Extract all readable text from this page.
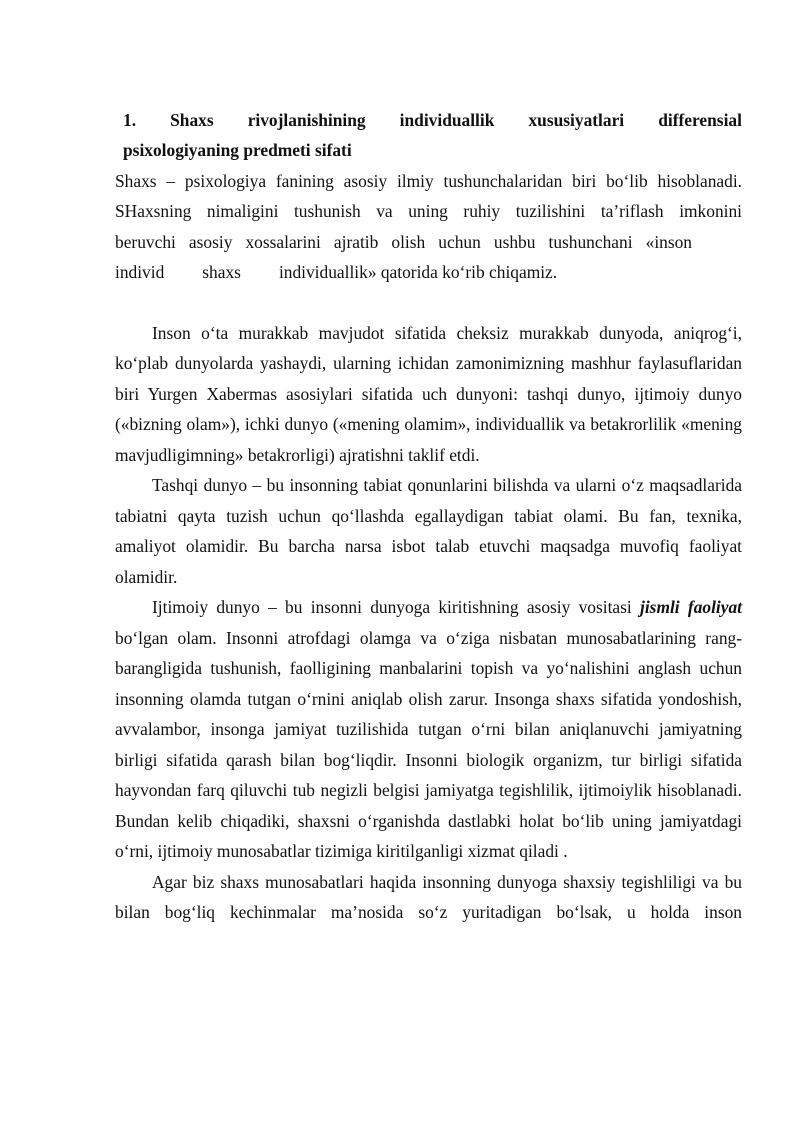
1. Shaxs rivojlanishining individuallik xususiyatlari differensial
psixologiyaning predmeti sifati
Shaxs – psixologiya fanining asosiy ilmiy tushunchalaridan biri bo‘lib hisoblanadi.
SHaxsning nimaligini tushunish va uning ruhiy tuzilishini ta’riflash imkonini
beruvchi asosiy xossalarini ajratib olish uchun ushbu tushunchani «inson
individ shaxs individuallik» qatorida ko‘rib chiqamiz.

Inson o‘ta murakkab mavjudot sifatida cheksiz murakkab dunyoda, aniqrog‘i, ko‘plab dunyolarda yashaydi, ularning ichidan zamonimizning mashhur faylasuflaridan biri Yurgen Xabermas asosiylari sifatida uch dunyoni: tashqi dunyo, ijtimoiy dunyo («bizning olam»), ichki dunyo («mening olamim», individuallik va betakrorlilik «mening mavjudligimning» betakrorligi) ajratishni taklif etdi.

Tashqi dunyo – bu insonning tabiat qonunlarini bilishda va ularni o‘z maqsadlarida tabiatni qayta tuzish uchun qo‘llashda egallaydigan tabiat olami. Bu fan, texnika, amaliyot olamidir. Bu barcha narsa isbot talab etuvchi maqsadga muvofiq faoliyat olamidir.

Ijtimoiy dunyo – bu insonni dunyoga kiritishning asosiy vositasi jismli faoliyat bo‘lgan olam. Insonni atrofdagi olamga va o‘ziga nisbatan munosabatlarining rang-barangligida tushunish, faolligining manbalarini topish va yo‘nalishini anglash uchun insonning olamda tutgan o‘rnini aniqlab olish zarur. Insonga shaxs sifatida yondoshish, avvalambor, insonga jamiyat tuzilishida tutgan o‘rni bilan aniqlanuvchi jamiyatning birligi sifatida qarash bilan bog‘liqdir. Insonni biologik organizm, tur birligi sifatida hayvondan farq qiluvchi tub negizli belgisi jamiyatga tegishlilik, ijtimoiylik hisoblanadi. Bundan kelib chiqadiki, shaxsni o‘rganishda dastlabki holat bo‘lib uning jamiyatdagi o‘rni, ijtimoiy munosabatlar tizimiga kiritilganligi xizmat qiladi .

Agar biz shaxs munosabatlari haqida insonning dunyoga shaxsiy tegishliligi va bu bilan bog‘liq kechinmalar ma’nosida so‘z yuritadigan bo‘lsak, u holda inson
